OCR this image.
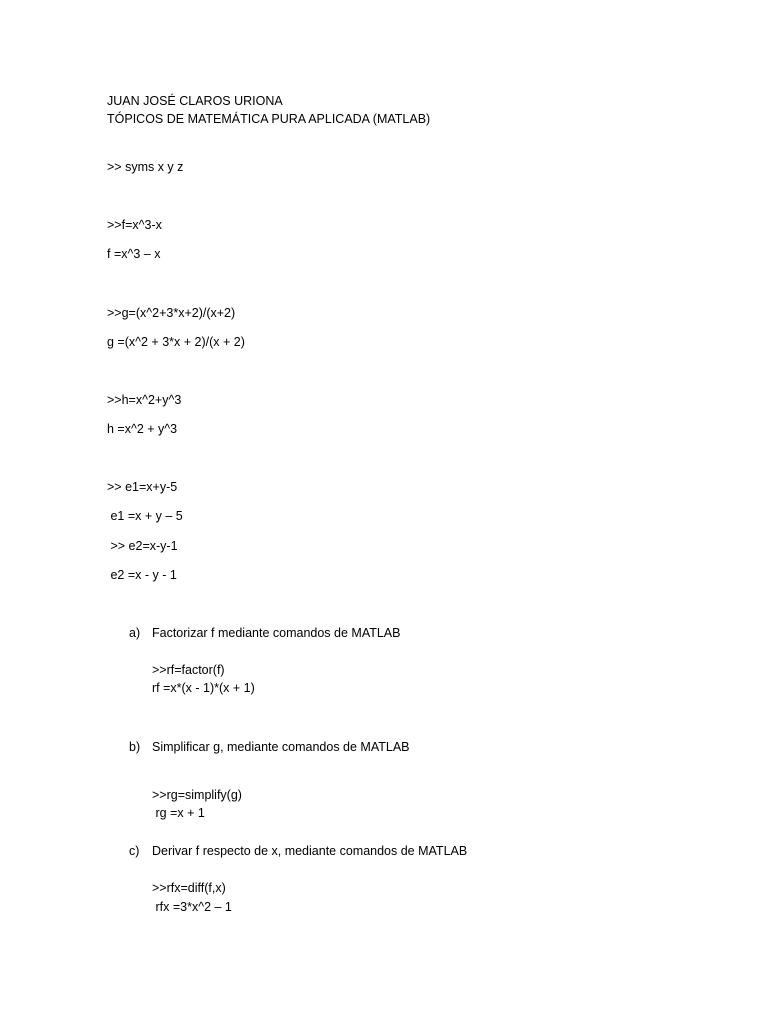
JUAN JOSÉ CLAROS URIONA
TÓPICOS DE MATEMÁTICA PURA APLICADA (MATLAB)
>> syms x y z
>>f=x^3-x
f =x^3 – x
>>g=(x^2+3*x+2)/(x+2)
g =(x^2 + 3*x + 2)/(x + 2)
>>h=x^2+y^3
h =x^2 + y^3
>> e1=x+y-5
e1 =x + y – 5
>> e2=x-y-1
e2 =x - y - 1
a) Factorizar f mediante comandos de MATLAB
>>rf=factor(f)
rf =x*(x - 1)*(x + 1)
b) Simplificar g, mediante comandos de MATLAB
>>rg=simplify(g)
rg =x + 1
c) Derivar f respecto de x, mediante comandos de MATLAB
>>rfx=diff(f,x)
rfx =3*x^2 – 1
